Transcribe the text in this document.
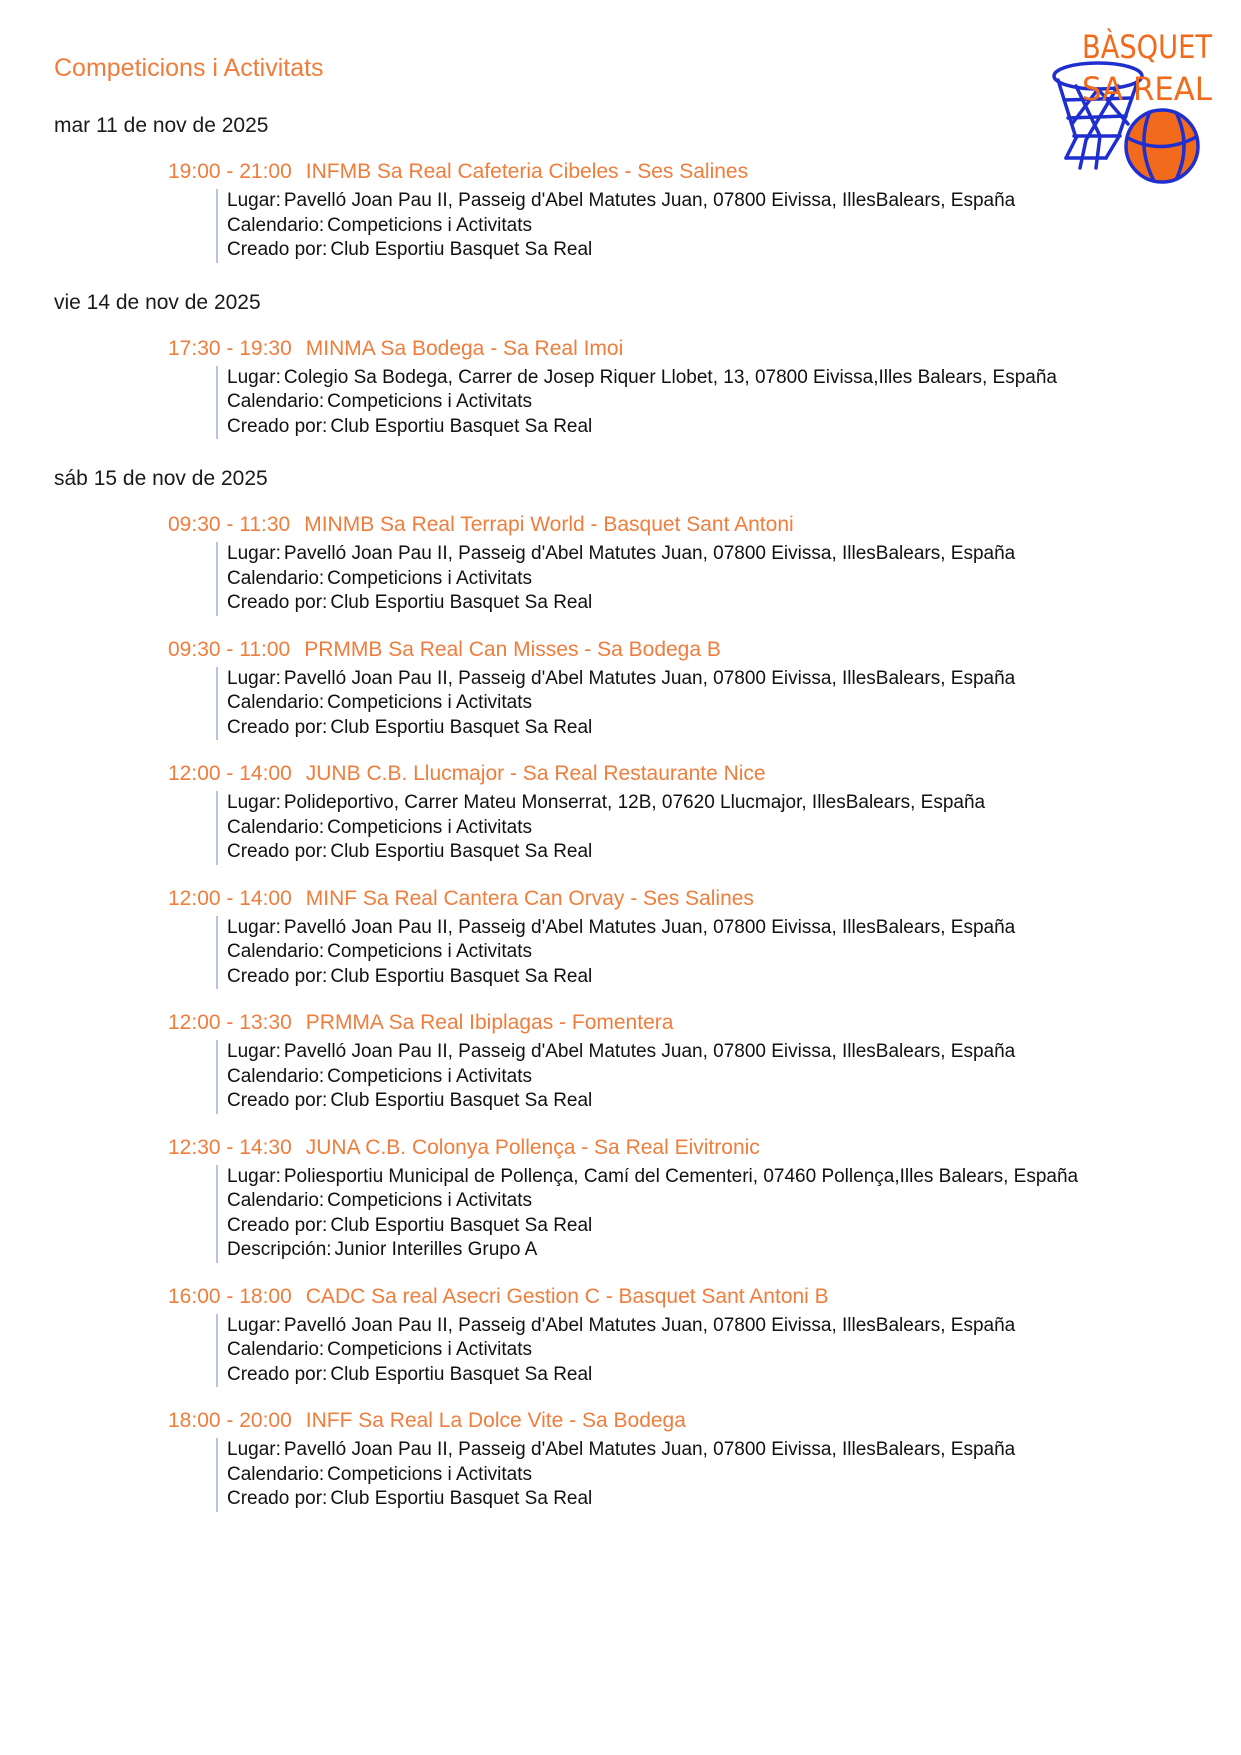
Competicions i Activitats
BÀSQUET
SA REAL
mar 11 de nov de 2025
19:00 - 21:00 INFMB Sa Real Cafeteria Cibeles - Ses Salines
Lugar: Pavelló Joan Pau II, Passeig d'Abel Matutes Juan, 07800 Eivissa, IllesBalears, España
Calendario: Competicions i Activitats
Creado por: Club Esportiu Basquet Sa Real
vie 14 de nov de 2025
17:30 - 19:30 MINMA Sa Bodega - Sa Real Imoi
Lugar: Colegio Sa Bodega, Carrer de Josep Riquer Llobet, 13, 07800 Eivissa,Illes Balears, España
Calendario: Competicions i Activitats
Creado por: Club Esportiu Basquet Sa Real
sáb 15 de nov de 2025
09:30 - 11:30 MINMB Sa Real Terrapi World - Basquet Sant Antoni
Lugar: Pavelló Joan Pau II, Passeig d'Abel Matutes Juan, 07800 Eivissa, IllesBalears, España
Calendario: Competicions i Activitats
Creado por: Club Esportiu Basquet Sa Real
09:30 - 11:00 PRMMB Sa Real Can Misses - Sa Bodega B
Lugar: Pavelló Joan Pau II, Passeig d'Abel Matutes Juan, 07800 Eivissa, IllesBalears, España
Calendario: Competicions i Activitats
Creado por: Club Esportiu Basquet Sa Real
12:00 - 14:00 JUNB C.B. Llucmajor - Sa Real Restaurante Nice
Lugar: Polideportivo, Carrer Mateu Monserrat, 12B, 07620 Llucmajor, IllesBalears, España
Calendario: Competicions i Activitats
Creado por: Club Esportiu Basquet Sa Real
12:00 - 14:00 MINF Sa Real Cantera Can Orvay - Ses Salines
Lugar: Pavelló Joan Pau II, Passeig d'Abel Matutes Juan, 07800 Eivissa, IllesBalears, España
Calendario: Competicions i Activitats
Creado por: Club Esportiu Basquet Sa Real
12:00 - 13:30 PRMMA Sa Real Ibiplagas - Fomentera
Lugar: Pavelló Joan Pau II, Passeig d'Abel Matutes Juan, 07800 Eivissa, IllesBalears, España
Calendario: Competicions i Activitats
Creado por: Club Esportiu Basquet Sa Real
12:30 - 14:30 JUNA C.B. Colonya Pollença - Sa Real Eivitronic
Lugar: Poliesportiu Municipal de Pollença, Camí del Cementeri, 07460 Pollença,Illes Balears, España
Calendario: Competicions i Activitats
Creado por: Club Esportiu Basquet Sa Real
Descripción: Junior Interilles Grupo A
16:00 - 18:00 CADC Sa real Asecri Gestion C - Basquet Sant Antoni B
Lugar: Pavelló Joan Pau II, Passeig d'Abel Matutes Juan, 07800 Eivissa, IllesBalears, España
Calendario: Competicions i Activitats
Creado por: Club Esportiu Basquet Sa Real
18:00 - 20:00 INFF Sa Real La Dolce Vite - Sa Bodega
Lugar: Pavelló Joan Pau II, Passeig d'Abel Matutes Juan, 07800 Eivissa, IllesBalears, España
Calendario: Competicions i Activitats
Creado por: Club Esportiu Basquet Sa Real
